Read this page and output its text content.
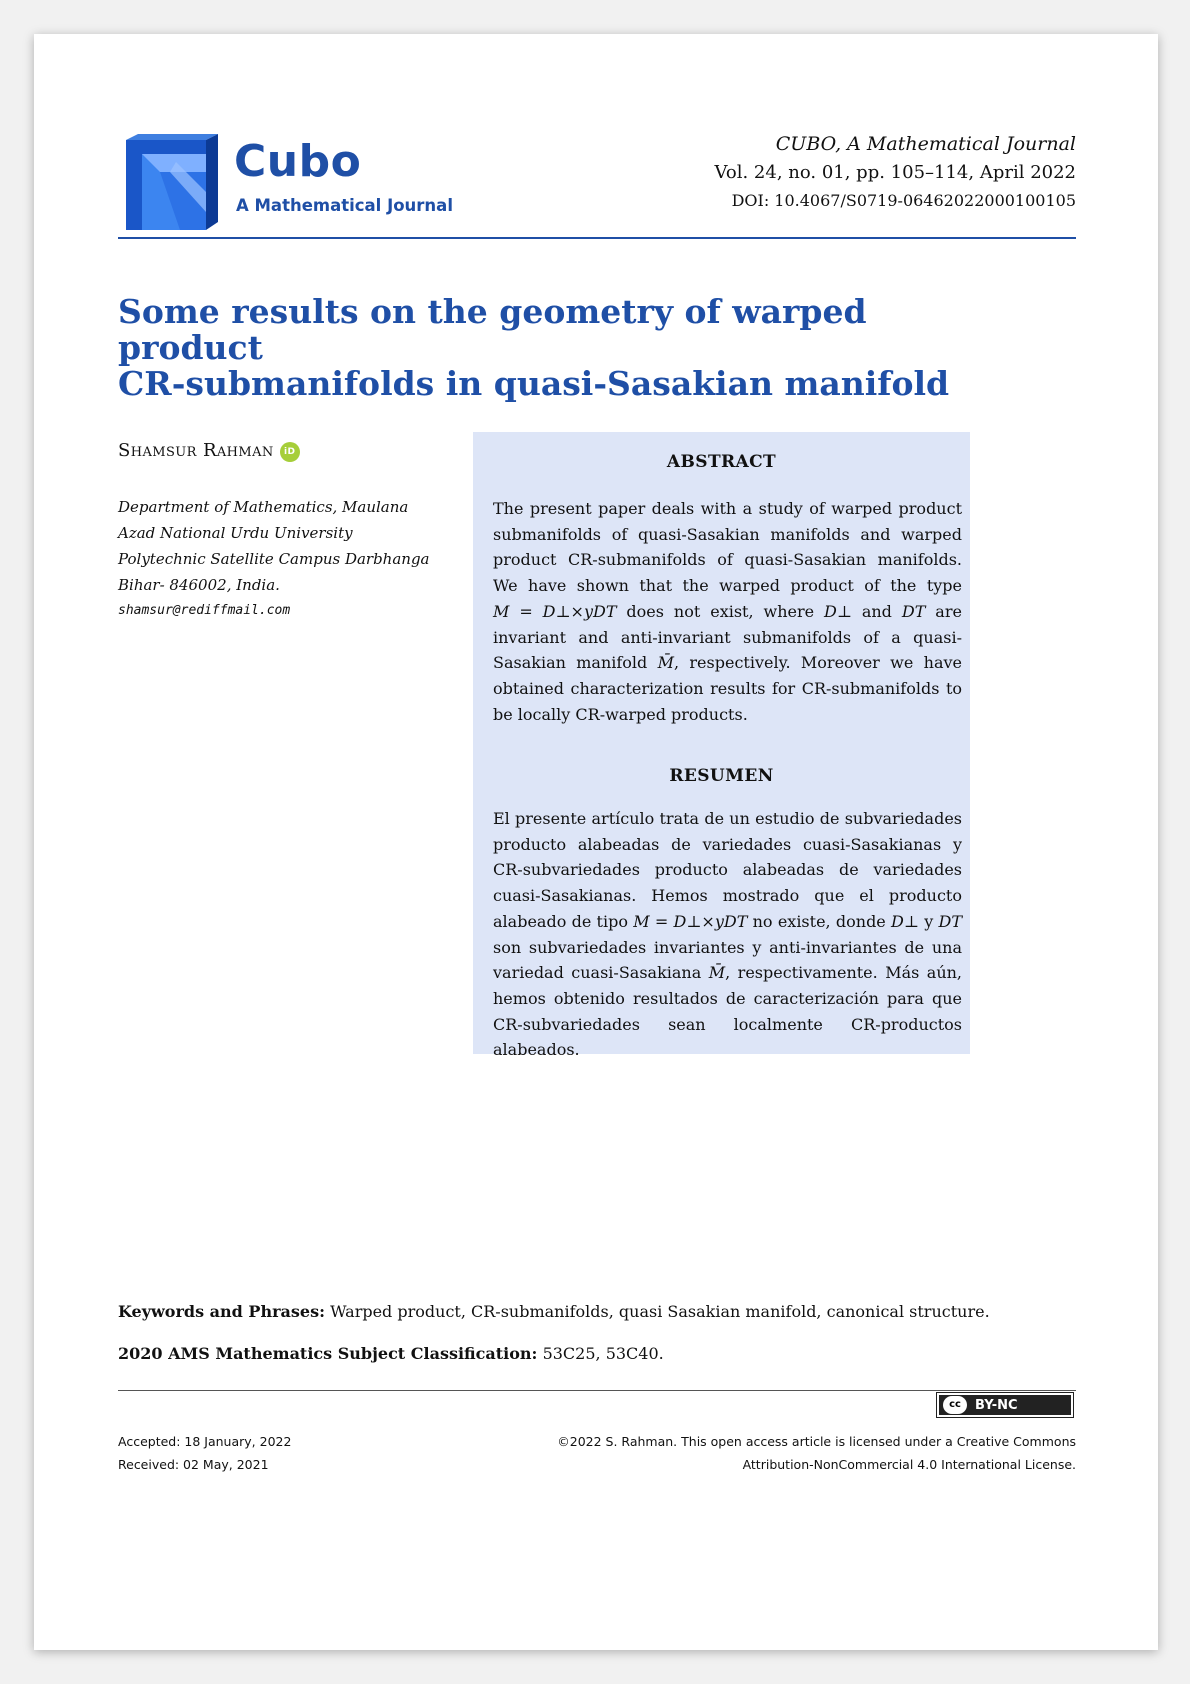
Cubo
A Mathematical Journal
CUBO, A Mathematical Journal
Vol. 24, no. 01, pp. 105–114, April 2022
DOI: 10.4067/S0719-06462022000100105
Some results on the geometry of warped product
CR-submanifolds in quasi-Sasakian manifold
Shamsur Rahman iD
Department of Mathematics, Maulana
Azad National Urdu University
Polytechnic Satellite Campus Darbhanga
Bihar- 846002, India.
shamsur@rediffmail.com
ABSTRACT
The present paper deals with a study of warped product submanifolds of quasi-Sasakian manifolds and warped product CR-submanifolds of quasi-Sasakian manifolds. We have shown that the warped product of the type M = D⊥×yDT does not exist, where D⊥ and DT are invariant and anti-invariant submanifolds of a quasi-Sasakian manifold M̄, respectively. Moreover we have obtained characterization results for CR-submanifolds to be locally CR-warped products.
RESUMEN
El presente artículo trata de un estudio de subvariedades producto alabeadas de variedades cuasi-Sasakianas y CR-subvariedades producto alabeadas de variedades cuasi-Sasakianas. Hemos mostrado que el producto alabeado de tipo M = D⊥×yDT no existe, donde D⊥ y DT son subvariedades invariantes y anti-invariantes de una variedad cuasi-Sasakiana M̄, respectivamente. Más aún, hemos obtenido resultados de caracterización para que CR-subvariedades sean localmente CR-productos alabeados.
Keywords and Phrases: Warped product, CR-submanifolds, quasi Sasakian manifold, canonical structure.
2020 AMS Mathematics Subject Classification: 53C25, 53C40.
cc	BY-NC
Accepted: 18 January, 2022
Received: 02 May, 2021
©2022 S. Rahman. This open access article is licensed under a Creative Commons
Attribution-NonCommercial 4.0 International License.
